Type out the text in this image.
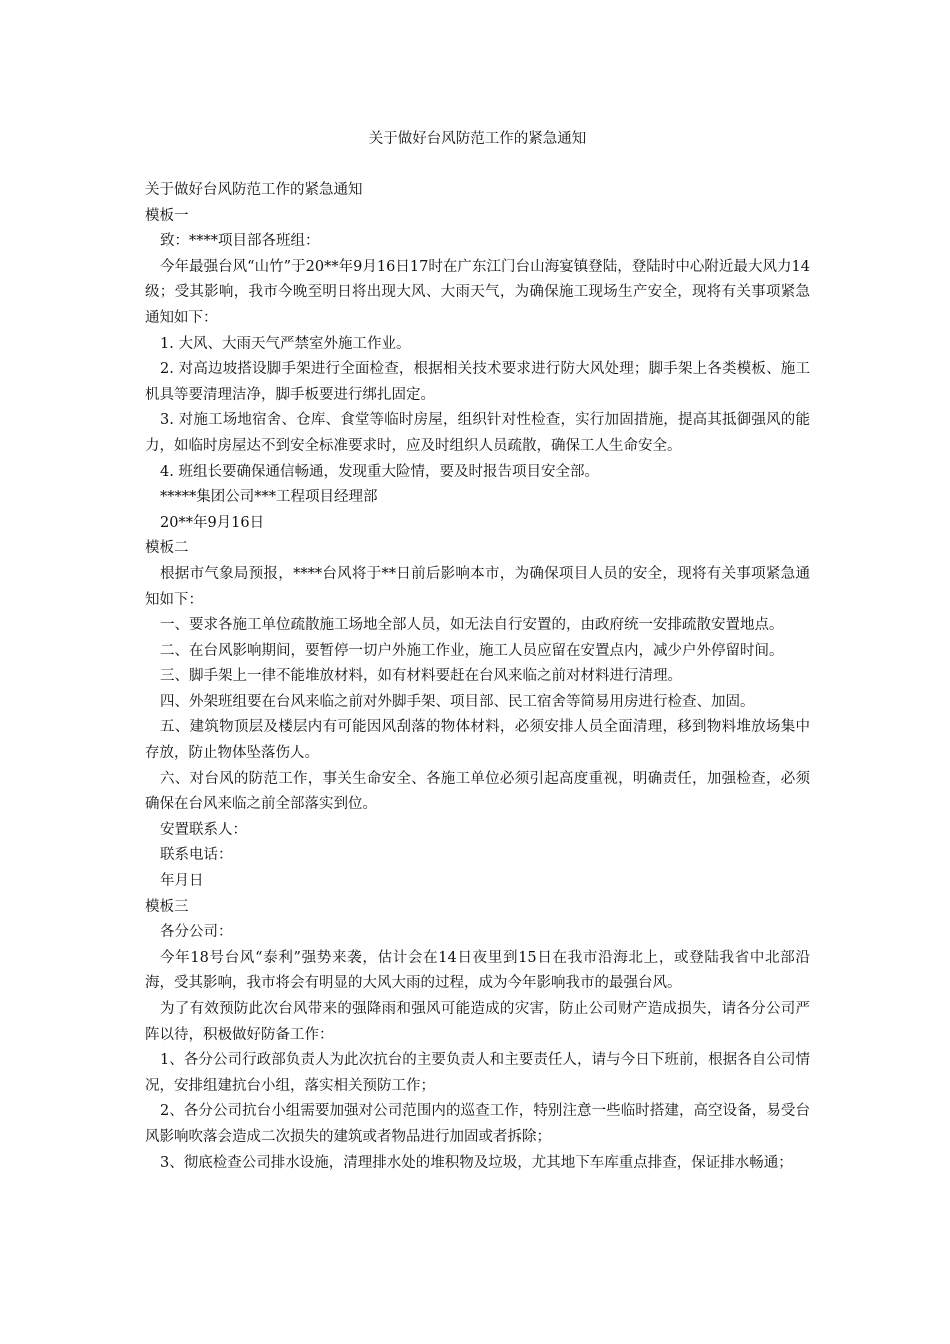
关于做好台风防范工作的紧急通知

关于做好台风防范工作的紧急通知

模板一

致：****项目部各班组：

今年最强台风“山竹”于20**年9月16日17时在广东江门台山海宴镇登陆，登陆时中心附近最大风力14级；受其影响，我市今晚至明日将出现大风、大雨天气，为确保施工现场生产安全，现将有关事项紧急通知如下：

1. 大风、大雨天气严禁室外施工作业。

2. 对高边坡搭设脚手架进行全面检查，根据相关技术要求进行防大风处理；脚手架上各类模板、施工机具等要清理洁净，脚手板要进行绑扎固定。

3. 对施工场地宿舍、仓库、食堂等临时房屋，组织针对性检查，实行加固措施，提高其抵御强风的能力，如临时房屋达不到安全标准要求时，应及时组织人员疏散，确保工人生命安全。

4. 班组长要确保通信畅通，发现重大险情，要及时报告项目安全部。

*****集团公司***工程项目经理部

20**年9月16日

模板二

根据市气象局预报，****台风将于**日前后影响本市，为确保项目人员的安全，现将有关事项紧急通知如下：

一、要求各施工单位疏散施工场地全部人员，如无法自行安置的，由政府统一安排疏散安置地点。

二、在台风影响期间，要暂停一切户外施工作业，施工人员应留在安置点内，减少户外停留时间。

三、脚手架上一律不能堆放材料，如有材料要赶在台风来临之前对材料进行清理。

四、外架班组要在台风来临之前对外脚手架、项目部、民工宿舍等简易用房进行检查、加固。

五、建筑物顶层及楼层内有可能因风刮落的物体材料，必须安排人员全面清理，移到物料堆放场集中存放，防止物体坠落伤人。

六、对台风的防范工作，事关生命安全、各施工单位必须引起高度重视，明确责任，加强检查，必须确保在台风来临之前全部落实到位。

安置联系人：

联系电话：

年月日

模板三

各分公司：

今年18号台风“泰利”强势来袭，估计会在14日夜里到15日在我市沿海北上，或登陆我省中北部沿海，受其影响，我市将会有明显的大风大雨的过程，成为今年影响我市的最强台风。

为了有效预防此次台风带来的强降雨和强风可能造成的灾害，防止公司财产造成损失，请各分公司严阵以待，积极做好防备工作：

1、各分公司行政部负责人为此次抗台的主要负责人和主要责任人，请与今日下班前，根据各自公司情况，安排组建抗台小组，落实相关预防工作；

2、各分公司抗台小组需要加强对公司范围内的巡查工作，特别注意一些临时搭建，高空设备，易受台风影响吹落会造成二次损失的建筑或者物品进行加固或者拆除；

3、彻底检查公司排水设施，清理排水处的堆积物及垃圾，尤其地下车库重点排查，保证排水畅通；
